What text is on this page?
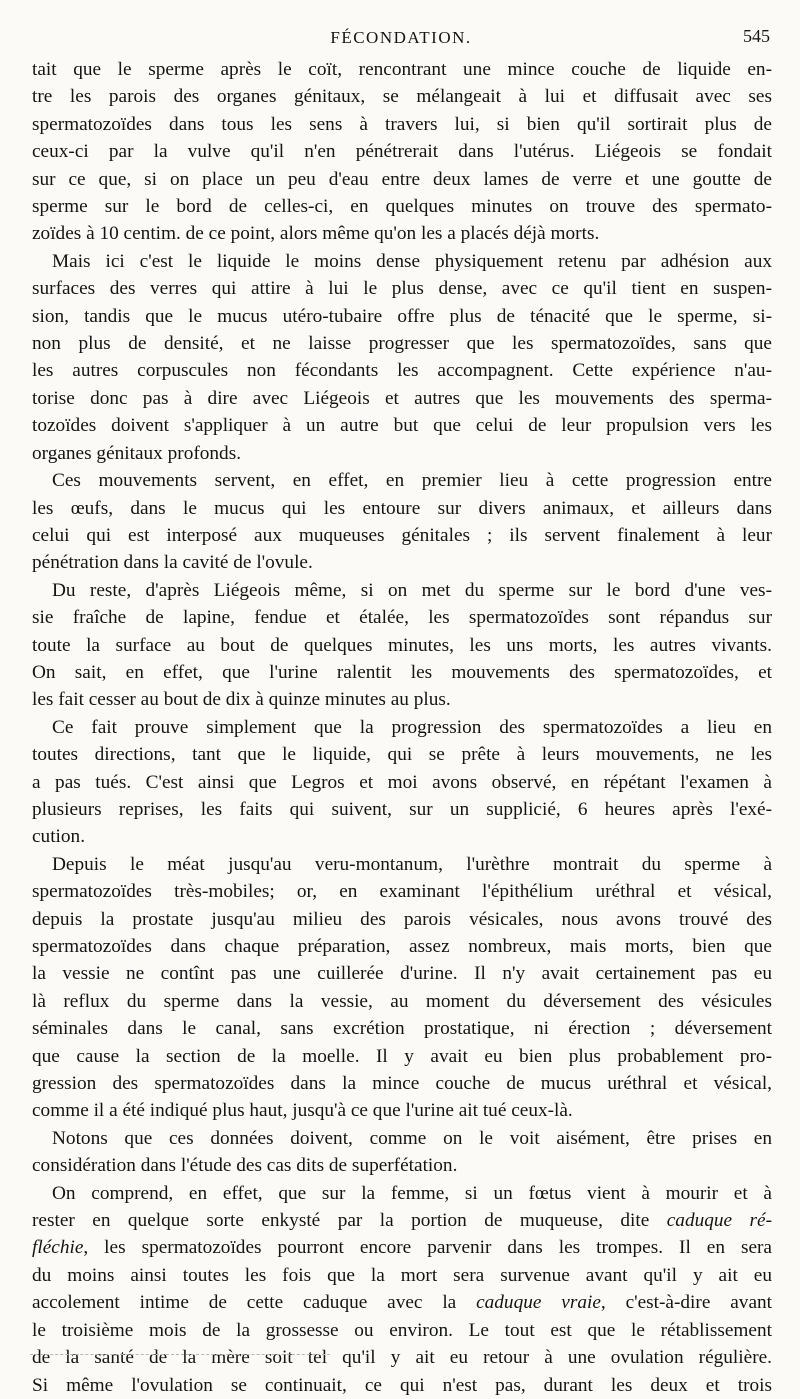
FÉCONDATION.	545

tait que le sperme après le coït, rencontrant une mince couche de liquide en-
tre les parois des organes génitaux, se mélangeait à lui et diffusait avec ses
spermatozoïdes dans tous les sens à travers lui, si bien qu'il sortirait plus de
ceux-ci par la vulve qu'il n'en pénétrerait dans l'utérus. Liégeois se fondait
sur ce que, si on place un peu d'eau entre deux lames de verre et une goutte de
sperme sur le bord de celles-ci, en quelques minutes on trouve des spermato-
zoïdes à 10 centim. de ce point, alors même qu'on les a placés déjà morts.

Mais ici c'est le liquide le moins dense physiquement retenu par adhésion aux
surfaces des verres qui attire à lui le plus dense, avec ce qu'il tient en suspen-
sion, tandis que le mucus utéro-tubaire offre plus de ténacité que le sperme, si-
non plus de densité, et ne laisse progresser que les spermatozoïdes, sans que
les autres corpuscules non fécondants les accompagnent. Cette expérience n'au-
torise donc pas à dire avec Liégeois et autres que les mouvements des sperma-
tozoïdes doivent s'appliquer à un autre but que celui de leur propulsion vers les
organes génitaux profonds.

Ces mouvements servent, en effet, en premier lieu à cette progression entre
les œufs, dans le mucus qui les entoure sur divers animaux, et ailleurs dans
celui qui est interposé aux muqueuses génitales ; ils servent finalement à leur
pénétration dans la cavité de l'ovule.

Du reste, d'après Liégeois même, si on met du sperme sur le bord d'une ves-
sie fraîche de lapine, fendue et étalée, les spermatozoïdes sont répandus sur
toute la surface au bout de quelques minutes, les uns morts, les autres vivants.
On sait, en effet, que l'urine ralentit les mouvements des spermatozoïdes, et
les fait cesser au bout de dix à quinze minutes au plus.

Ce fait prouve simplement que la progression des spermatozoïdes a lieu en
toutes directions, tant que le liquide, qui se prête à leurs mouvements, ne les
a pas tués. C'est ainsi que Legros et moi avons observé, en répétant l'examen à
plusieurs reprises, les faits qui suivent, sur un supplicié, 6 heures après l'exé-
cution.

Depuis le méat jusqu'au veru-montanum, l'urèthre montrait du sperme à
spermatozoïdes très-mobiles; or, en examinant l'épithélium uréthral et vésical,
depuis la prostate jusqu'au milieu des parois vésicales, nous avons trouvé des
spermatozoïdes dans chaque préparation, assez nombreux, mais morts, bien que
la vessie ne contînt pas une cuillerée d'urine. Il n'y avait certainement pas eu
là reflux du sperme dans la vessie, au moment du déversement des vésicules
séminales dans le canal, sans excrétion prostatique, ni érection ; déversement
que cause la section de la moelle. Il y avait eu bien plus probablement pro-
gression des spermatozoïdes dans la mince couche de mucus uréthral et vésical,
comme il a été indiqué plus haut, jusqu'à ce que l'urine ait tué ceux-là.

Notons que ces données doivent, comme on le voit aisément, être prises en
considération dans l'étude des cas dits de superfétation.

On comprend, en effet, que sur la femme, si un fœtus vient à mourir et à
rester en quelque sorte enkysté par la portion de muqueuse, dite caduque ré-
fléchie, les spermatozoïdes pourront encore parvenir dans les trompes. Il en sera
du moins ainsi toutes les fois que la mort sera survenue avant qu'il y ait eu
accolement intime de cette caduque avec la caduque vraie, c'est-à-dire avant
le troisième mois de la grossesse ou environ. Le tout est que le rétablissement
de la santé de la mère soit tel qu'il y ait eu retour à une ovulation régulière.
Si même l'ovulation se continuait, ce qui n'est pas, durant les deux et trois
